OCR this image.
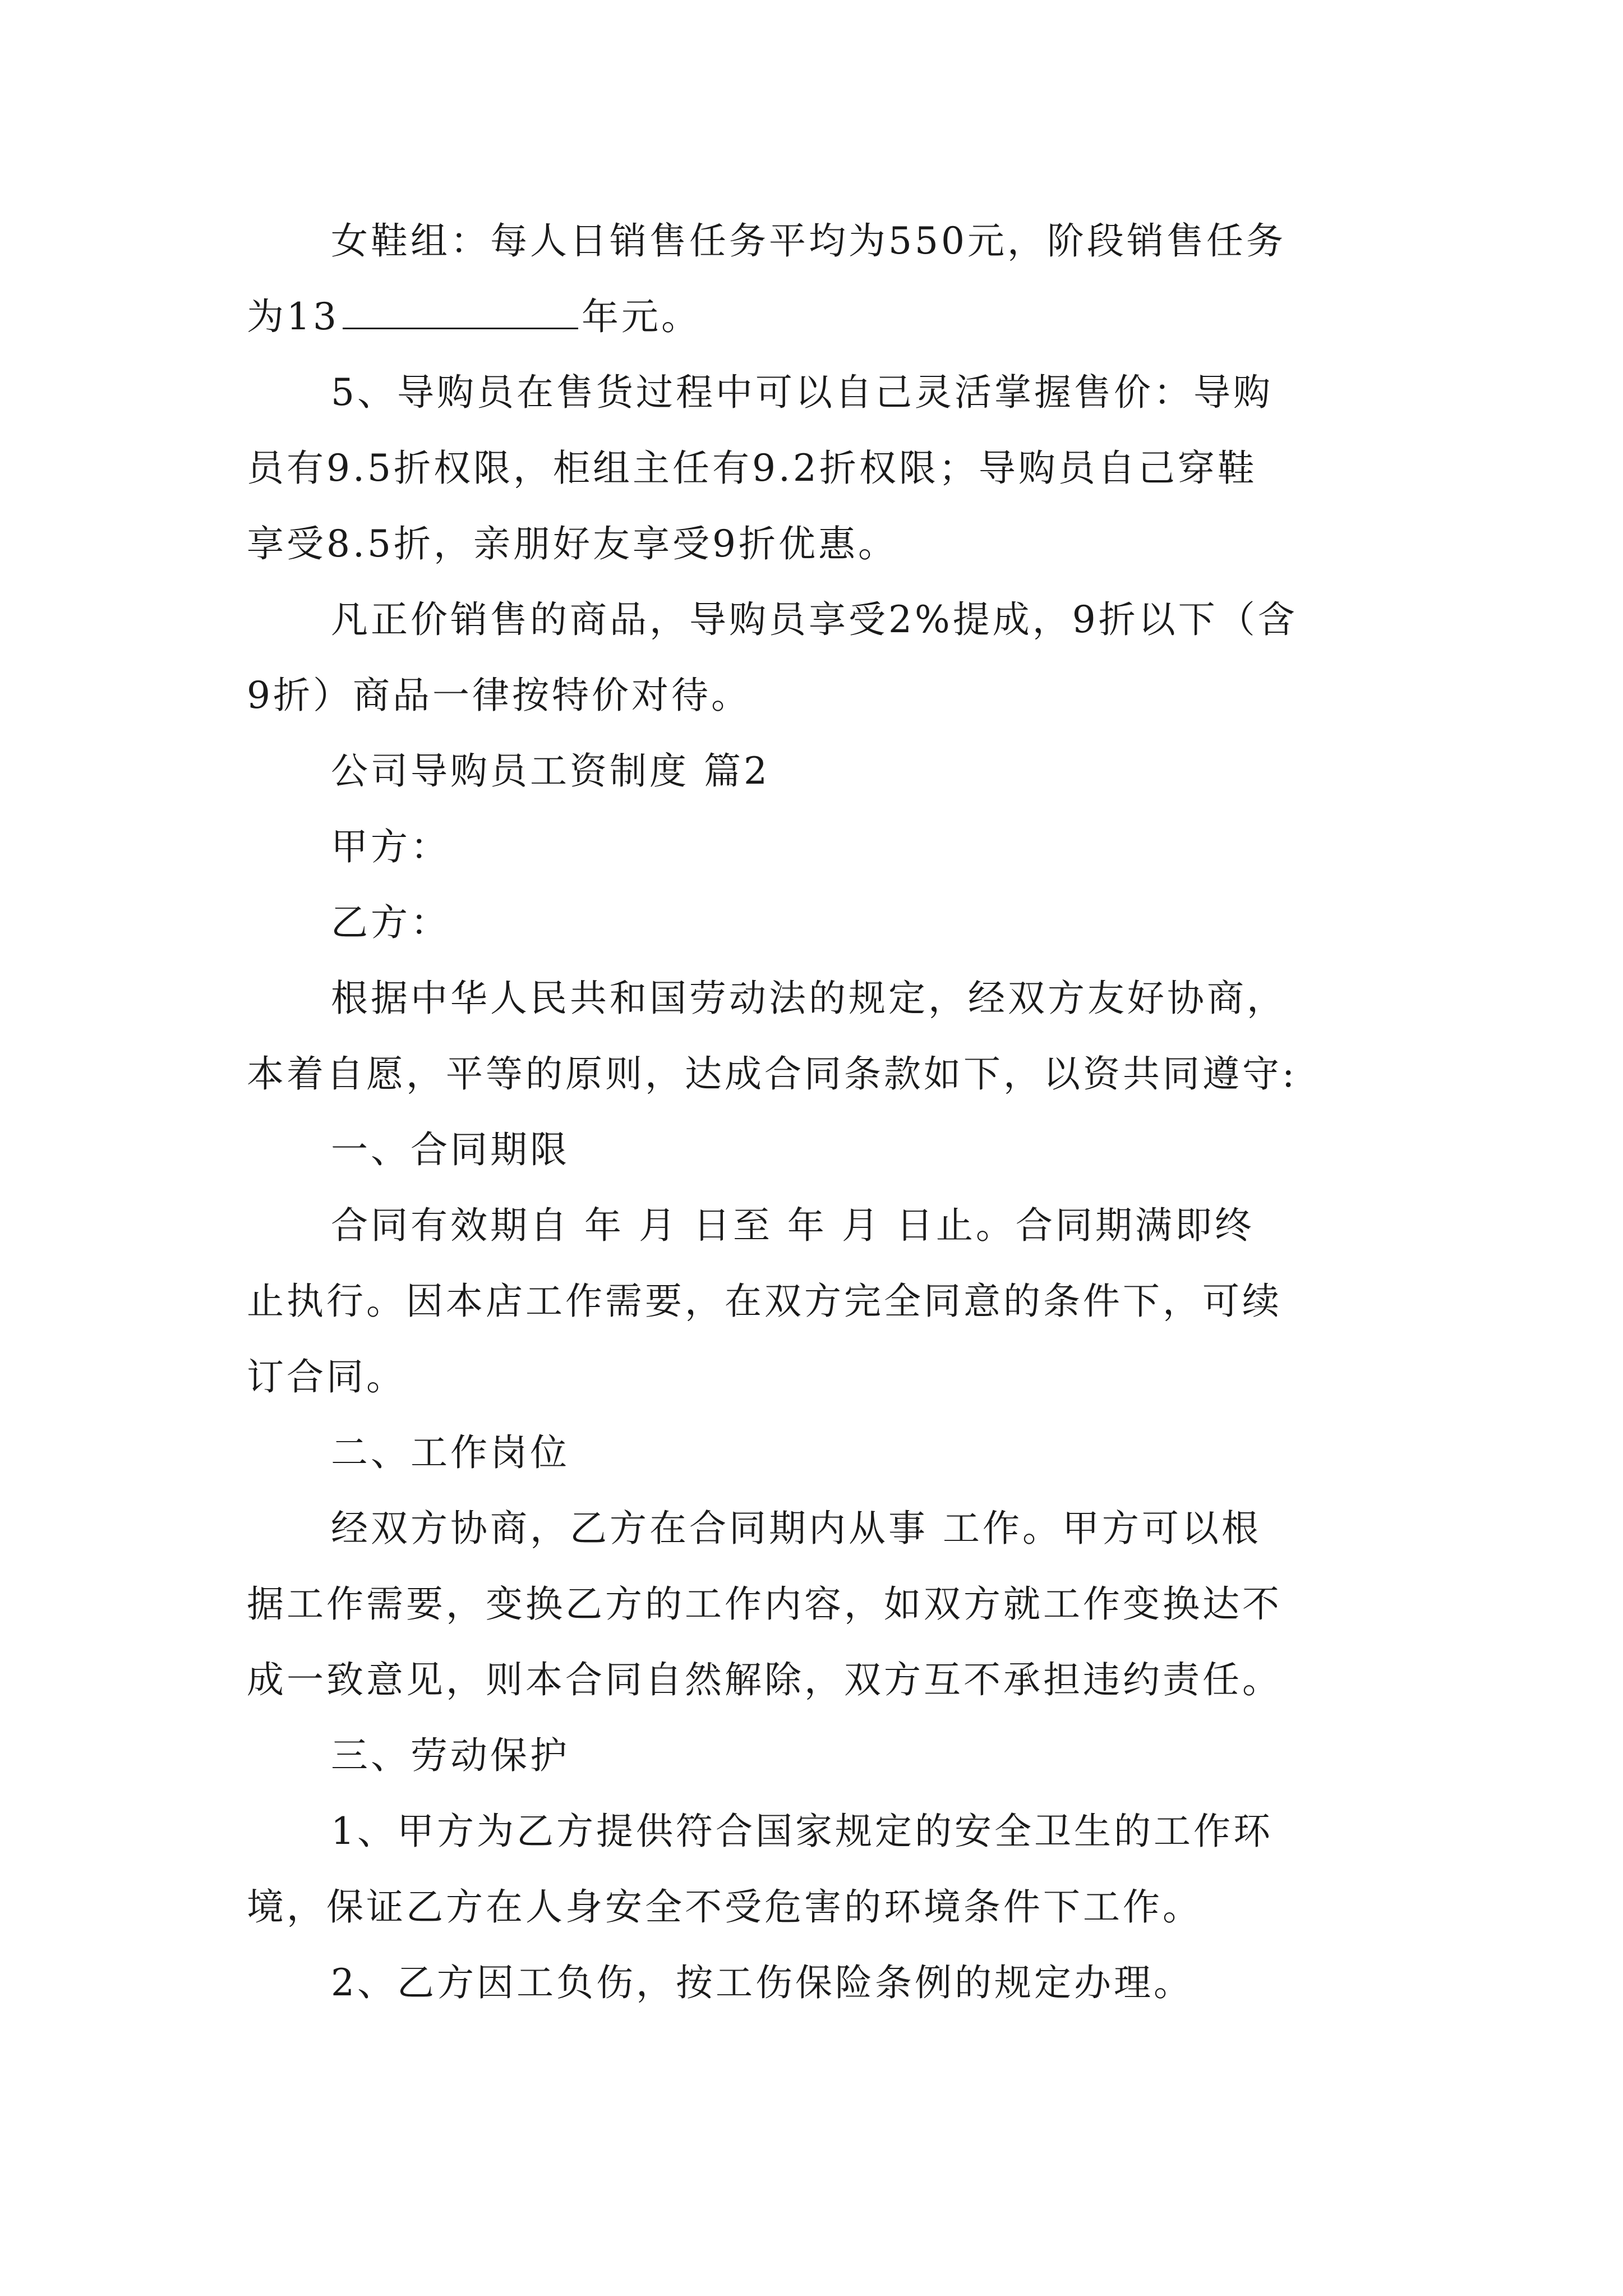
女鞋组：每人日销售任务平均为550元，阶段销售任务
为13	年元。
5、导购员在售货过程中可以自己灵活掌握售价：导购
员有9.5折权限，柜组主任有9.2折权限；导购员自己穿鞋
享受8.5折，亲朋好友享受9折优惠。
凡正价销售的商品，导购员享受2%提成，9折以下（含
9折）商品一律按特价对待。
公司导购员工资制度 篇2
甲方：
乙方：
根据中华人民共和国劳动法的规定，经双方友好协商，
本着自愿，平等的原则，达成合同条款如下，以资共同遵守:
一、合同期限
合同有效期自 年 月 日至 年 月 日止。合同期满即终
止执行。因本店工作需要，在双方完全同意的条件下，可续
订合同。
二、工作岗位
经双方协商，乙方在合同期内从事 工作。甲方可以根
据工作需要，变换乙方的工作内容，如双方就工作变换达不
成一致意见，则本合同自然解除，双方互不承担违约责任。
三、劳动保护
1、甲方为乙方提供符合国家规定的安全卫生的工作环
境，保证乙方在人身安全不受危害的环境条件下工作。
2、乙方因工负伤，按工伤保险条例的规定办理。
